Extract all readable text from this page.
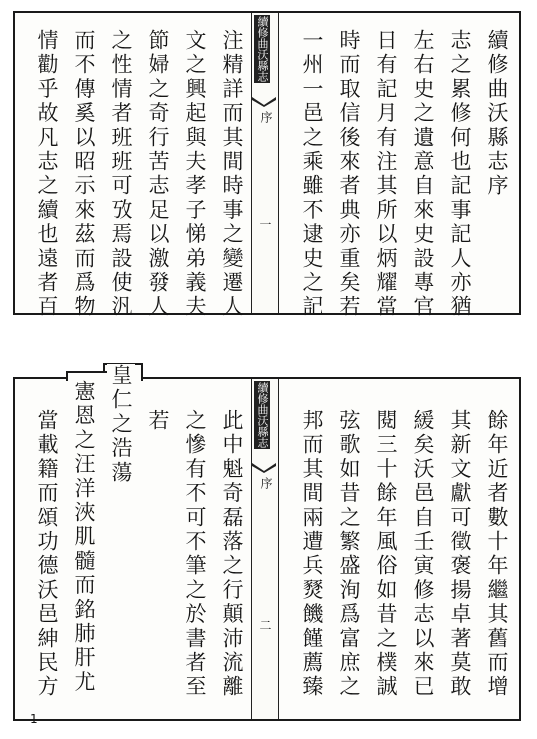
續修曲沃縣志序
志之累修何也記事記人亦猶
左右史之遺意自來史設專官
日有記月有注其所以炳耀當
時而取信後來者典亦重矣若
一州一邑之乘雖不逮史之記
續修曲沃縣志
序
一
注精詳而其間時事之變遷人
文之興起與夫孝子悌弟義夫
節婦之奇行苦志足以激發人
之性情者班班可攷焉設使汎
而不傳奚以昭示來茲而爲物
情勸乎故凡志之續也遠者百
餘年近者數十年繼其舊而增
其新文獻可徵褒揚卓著莫敢
緩矣沃邑自壬寅修志以來已
閱三十餘年風俗如昔之樸誠
弦歌如昔之繁盛洵爲富庶之
邦而其間兩遭兵燹饑饉薦臻
續修曲沃縣志
序
二
此中魁奇磊落之行顛沛流離
之慘有不可不筆之於書者至
若
當載籍而頌功德沃邑紳民方 皇仁之浩蕩
憲恩之汪洋浹肌髓而銘肺肝尤
1
